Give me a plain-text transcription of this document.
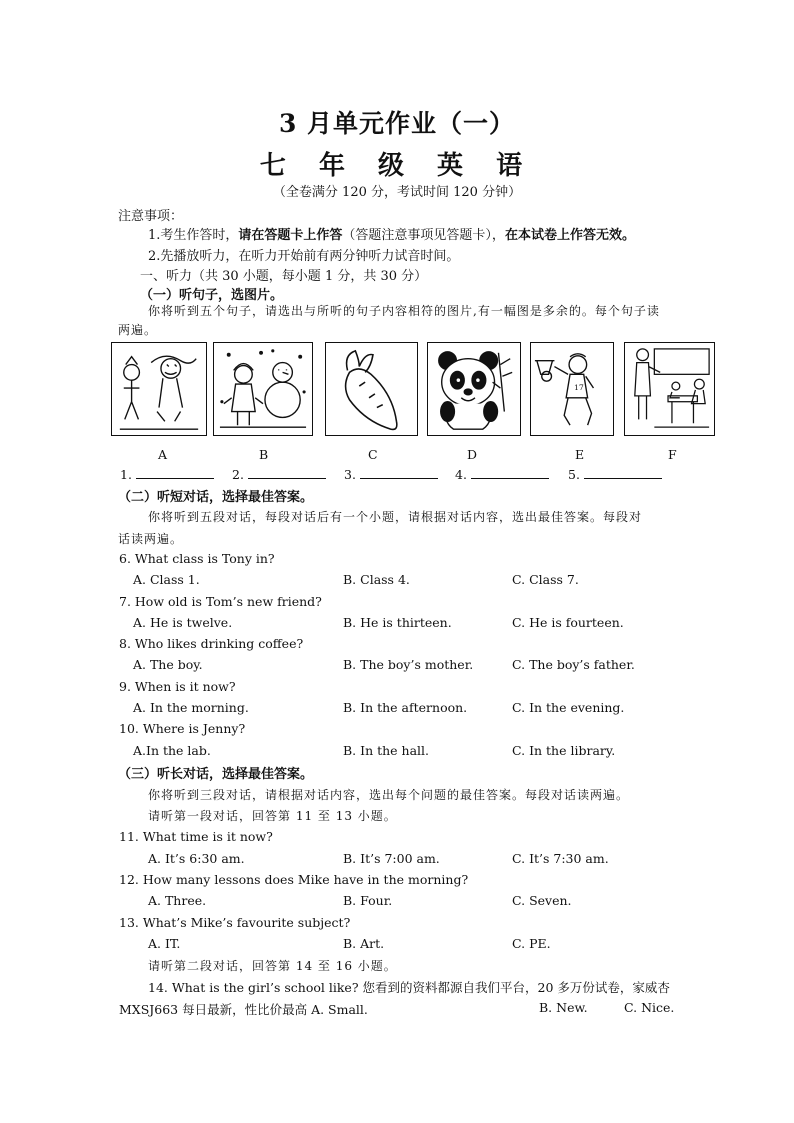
3 月单元作业（一）
七 年 级 英 语
（全卷满分 120 分，考试时间 120 分钟）
注意事项：
1.考生作答时，请在答题卡上作答（答题注意事项见答题卡），在本试卷上作答无效。
2.先播放听力，在听力开始前有两分钟听力试音时间。
一、听力（共 30 小题，每小题 1 分，共 30 分）
（一）听句子，选图片。
你将听到五个句子，请选出与所听的句子内容相符的图片,有一幅图是多余的。每个句子读
两遍。
17
A	B	C	D	E	F
1.	2.	3.	4.	5.
（二）听短对话，选择最佳答案。
你将听到五段对话，每段对话后有一个小题，请根据对话内容，选出最佳答案。每段对
话读两遍。
6. What class is Tony in?
A. Class 1.	B. Class 4.	C. Class 7.
7. How old is Tom’s new friend?
A. He is twelve.	B. He is thirteen.	C. He is fourteen.
8. Who likes drinking coffee?
A. The boy.	B. The boy’s mother.	C. The boy’s father.
9. When is it now?
A. In the morning.	B. In the afternoon.	C. In the evening.
10. Where is Jenny?
A.In the lab.	B. In the hall.	C. In the library.
（三）听长对话，选择最佳答案。
你将听到三段对话，请根据对话内容，选出每个问题的最佳答案。每段对话读两遍。
请听第一段对话，回答第 11 至 13 小题。
11. What time is it now?
A. It’s 6:30 am.	B. It’s 7:00 am.	C. It’s 7:30 am.
12. How many lessons does Mike have in the morning?
A. Three.	B. Four.	C. Seven.
13. What’s Mike’s favourite subject?
A. IT.	B. Art.	C. PE.
请听第二段对话，回答第 14 至 16 小题。
14. What is the girl’s school like? 您看到的资料都源自我们平台，20 多万份试卷，家威杏
MXSJ663 每日最新，性比价最高 A. Small.	B. New.	C. Nice.
